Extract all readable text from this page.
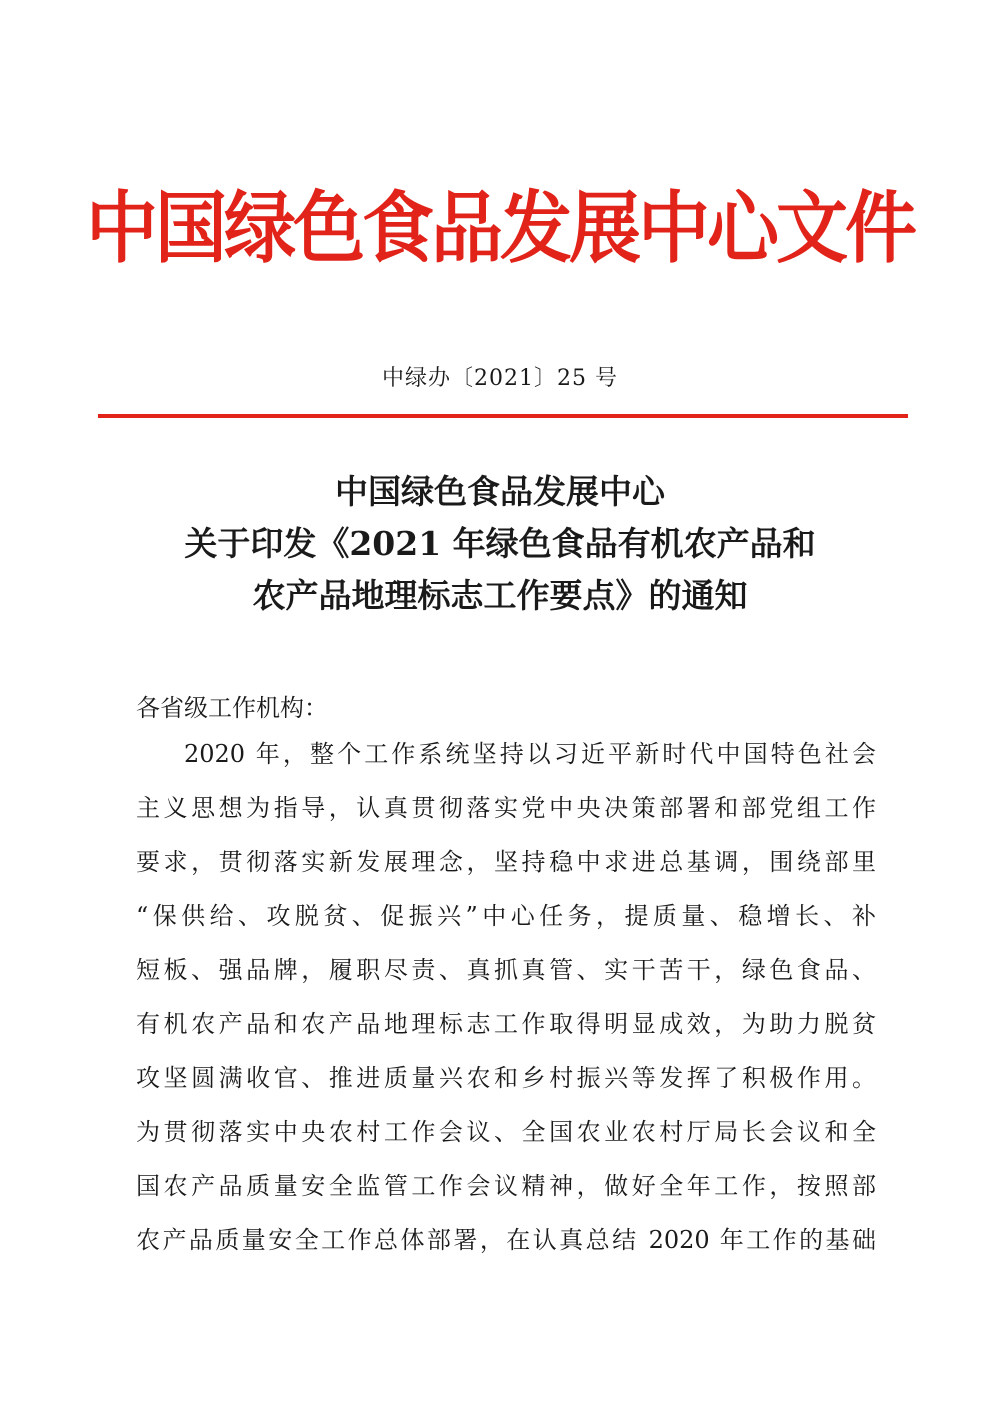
中国绿色食品发展中心文件
中绿办〔2021〕25 号
中国绿色食品发展中心
关于印发《2021 年绿色食品有机农产品和
农产品地理标志工作要点》的通知
各省级工作机构：
2020 年，整个工作系统坚持以习近平新时代中国特色社会
主义思想为指导，认真贯彻落实党中央决策部署和部党组工作
要求，贯彻落实新发展理念，坚持稳中求进总基调，围绕部里
“保供给、攻脱贫、促振兴”中心任务，提质量、稳增长、补
短板、强品牌，履职尽责、真抓真管、实干苦干，绿色食品、
有机农产品和农产品地理标志工作取得明显成效，为助力脱贫
攻坚圆满收官、推进质量兴农和乡村振兴等发挥了积极作用。
为贯彻落实中央农村工作会议、全国农业农村厅局长会议和全
国农产品质量安全监管工作会议精神，做好全年工作，按照部
农产品质量安全工作总体部署，在认真总结 2020 年工作的基础
